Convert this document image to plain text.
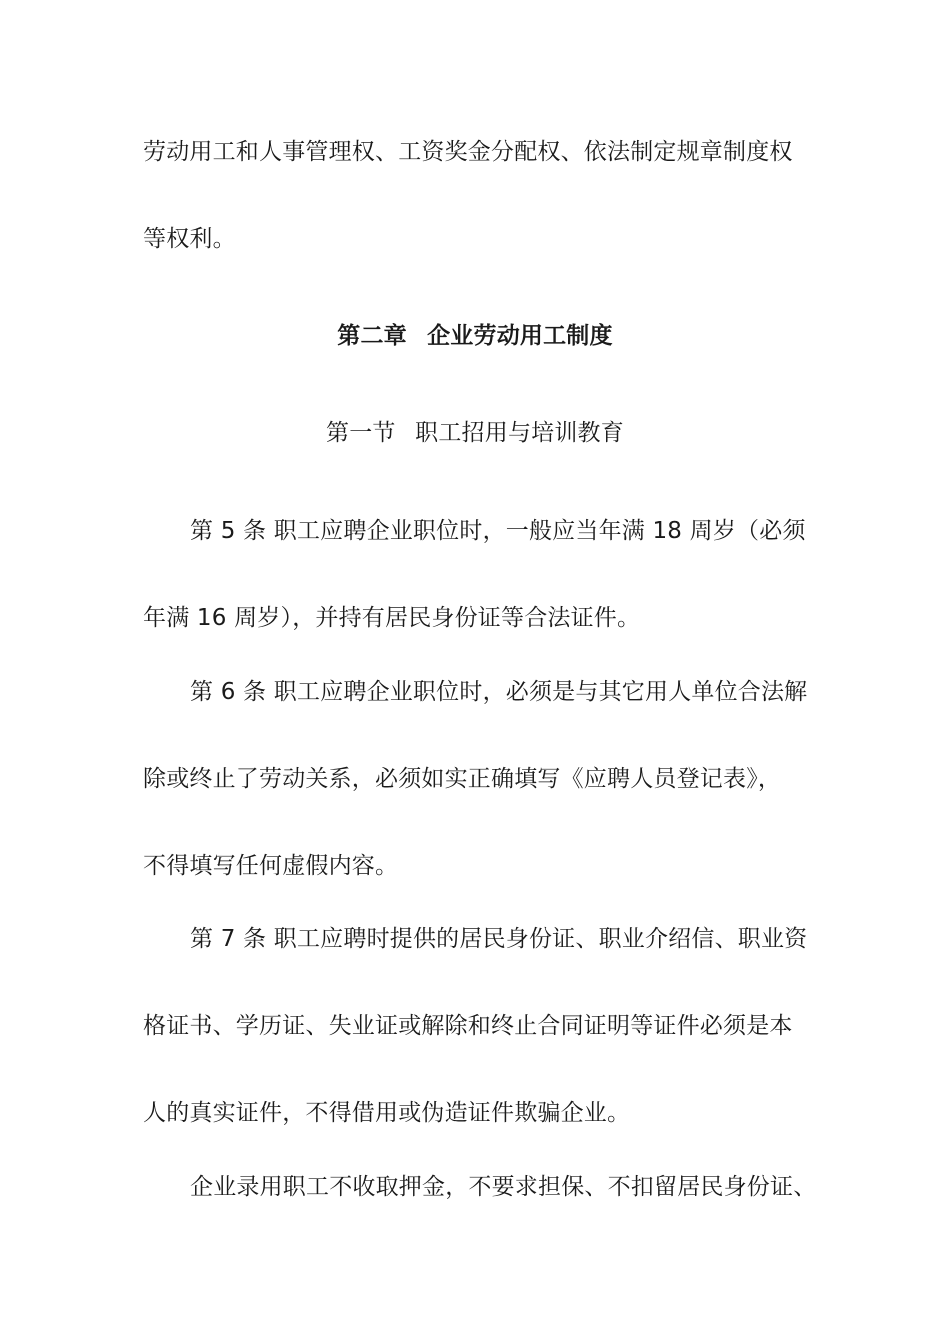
劳动用工和人事管理权、工资奖金分配权、依法制定规章制度权
等权利。
第二章 企业劳动用工制度
第一节 职工招用与培训教育
第 5 条 职工应聘企业职位时，一般应当年满 18 周岁（必须
年满 16 周岁），并持有居民身份证等合法证件。
第 6 条 职工应聘企业职位时，必须是与其它用人单位合法解
除或终止了劳动关系，必须如实正确填写《应聘人员登记表》，
不得填写任何虚假内容。
第 7 条 职工应聘时提供的居民身份证、职业介绍信、职业资
格证书、学历证、失业证或解除和终止合同证明等证件必须是本
人的真实证件，不得借用或伪造证件欺骗企业。
企业录用职工不收取押金，不要求担保、不扣留居民身份证、
